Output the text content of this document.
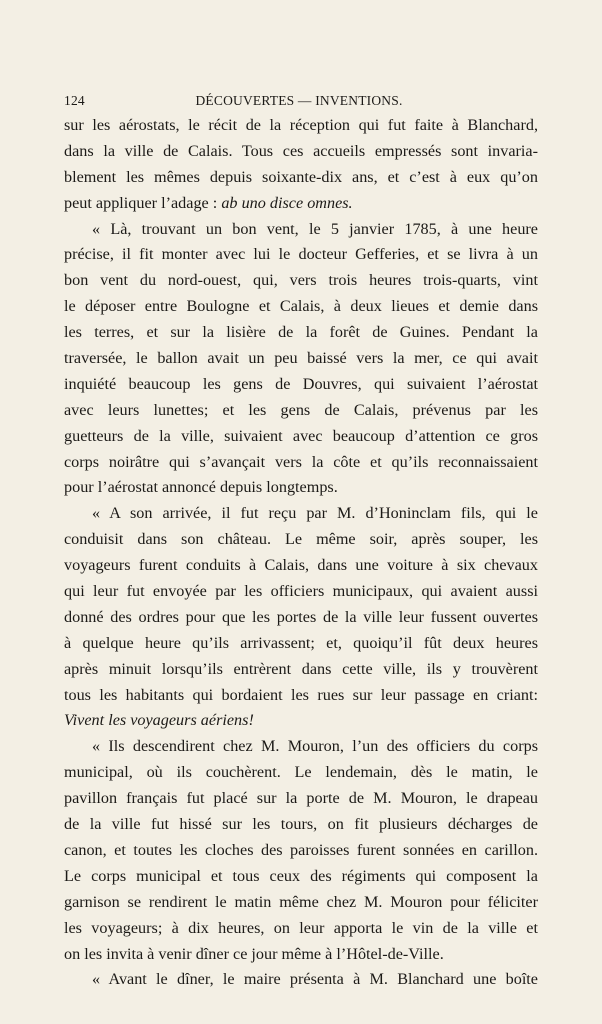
124	DÉCOUVERTES — INVENTIONS.
sur les aérostats, le récit de la réception qui fut faite à Blanchard,
dans la ville de Calais. Tous ces accueils empressés sont invaria-
blement les mêmes depuis soixante-dix ans, et c’est à eux qu’on
peut appliquer l’adage : ab uno disce omnes.
« Là, trouvant un bon vent, le 5 janvier 1785, à une heure
précise, il fit monter avec lui le docteur Gefferies, et se livra à un
bon vent du nord-ouest, qui, vers trois heures trois-quarts, vint
le déposer entre Boulogne et Calais, à deux lieues et demie dans
les terres, et sur la lisière de la forêt de Guines. Pendant la
traversée, le ballon avait un peu baissé vers la mer, ce qui avait
inquiété beaucoup les gens de Douvres, qui suivaient l’aérostat
avec leurs lunettes; et les gens de Calais, prévenus par les
guetteurs de la ville, suivaient avec beaucoup d’attention ce gros
corps noirâtre qui s’avançait vers la côte et qu’ils reconnaissaient
pour l’aérostat annoncé depuis longtemps.
« A son arrivée, il fut reçu par M. d’Honinclam fils, qui le
conduisit dans son château. Le même soir, après souper, les
voyageurs furent conduits à Calais, dans une voiture à six chevaux
qui leur fut envoyée par les officiers municipaux, qui avaient aussi
donné des ordres pour que les portes de la ville leur fussent ouvertes
à quelque heure qu’ils arrivassent; et, quoiqu’il fût deux heures
après minuit lorsqu’ils entrèrent dans cette ville, ils y trouvèrent
tous les habitants qui bordaient les rues sur leur passage en criant:
Vivent les voyageurs aériens!
« Ils descendirent chez M. Mouron, l’un des officiers du corps
municipal, où ils couchèrent. Le lendemain, dès le matin, le
pavillon français fut placé sur la porte de M. Mouron, le drapeau
de la ville fut hissé sur les tours, on fit plusieurs décharges de
canon, et toutes les cloches des paroisses furent sonnées en carillon.
Le corps municipal et tous ceux des régiments qui composent la
garnison se rendirent le matin même chez M. Mouron pour féliciter
les voyageurs; à dix heures, on leur apporta le vin de la ville et
on les invita à venir dîner ce jour même à l’Hôtel-de-Ville.
« Avant le dîner, le maire présenta à M. Blanchard une boîte
